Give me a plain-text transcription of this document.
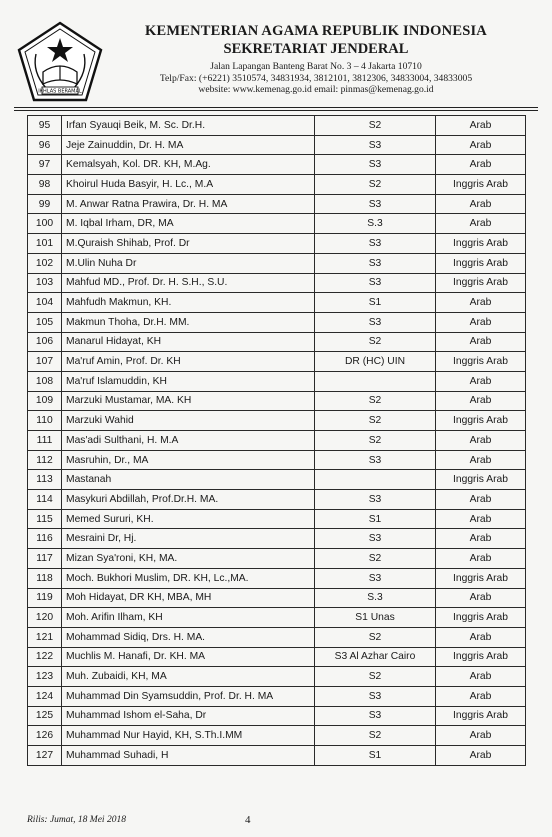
IKHLAS BERAMAL
KEMENTERIAN AGAMA REPUBLIK INDONESIA
SEKRETARIAT JENDERAL
Jalan Lapangan Banteng Barat No. 3 – 4 Jakarta 10710
Telp/Fax: (+6221) 3510574, 34831934, 3812101, 3812306, 34833004, 34833005
website: www.kemenag.go.id email: pinmas@kemenag.go.id
95	Irfan Syauqi Beik, M. Sc. Dr.H.	S2	Arab
96	Jeje Zainuddin, Dr. H. MA	S3	Arab
97	Kemalsyah, Kol. DR. KH, M.Ag.	S3	Arab
98	Khoirul Huda Basyir, H. Lc., M.A	S2	Inggris Arab
99	M. Anwar Ratna Prawira, Dr. H. MA	S3	Arab
100	M. Iqbal Irham, DR, MA	S.3	Arab
101	M.Quraish Shihab, Prof. Dr	S3	Inggris Arab
102	M.Ulin Nuha Dr	S3	Inggris Arab
103	Mahfud MD., Prof. Dr. H. S.H., S.U.	S3	Inggris Arab
104	Mahfudh Makmun, KH.	S1	Arab
105	Makmun Thoha, Dr.H. MM.	S3	Arab
106	Manarul Hidayat, KH	S2	Arab
107	Ma'ruf Amin, Prof. Dr. KH	DR (HC) UIN	Inggris Arab
108	Ma'ruf Islamuddin, KH		Arab
109	Marzuki Mustamar, MA. KH	S2	Arab
110	Marzuki Wahid	S2	Inggris Arab
111	Mas'adi Sulthani, H. M.A	S2	Arab
112	Masruhin, Dr., MA	S3	Arab
113	Mastanah		Inggris Arab
114	Masykuri Abdillah, Prof.Dr.H. MA.	S3	Arab
115	Memed Sururi, KH.	S1	Arab
116	Mesraini Dr, Hj.	S3	Arab
117	Mizan Sya'roni, KH, MA.	S2	Arab
118	Moch. Bukhori Muslim, DR. KH, Lc.,MA.	S3	Inggris Arab
119	Moh Hidayat, DR KH, MBA, MH	S.3	Arab
120	Moh. Arifin Ilham, KH	S1 Unas	Inggris Arab
121	Mohammad Sidiq, Drs. H. MA.	S2	Arab
122	Muchlis M. Hanafi, Dr. KH. MA	S3 Al Azhar Cairo	Inggris Arab
123	Muh. Zubaidi, KH, MA	S2	Arab
124	Muhammad Din Syamsuddin, Prof. Dr. H. MA	S3	Arab
125	Muhammad Ishom el-Saha, Dr	S3	Inggris Arab
126	Muhammad Nur Hayid, KH, S.Th.I.MM	S2	Arab
127	Muhammad Suhadi, H	S1	Arab
Rilis: Jumat, 18 Mei 2018	4
